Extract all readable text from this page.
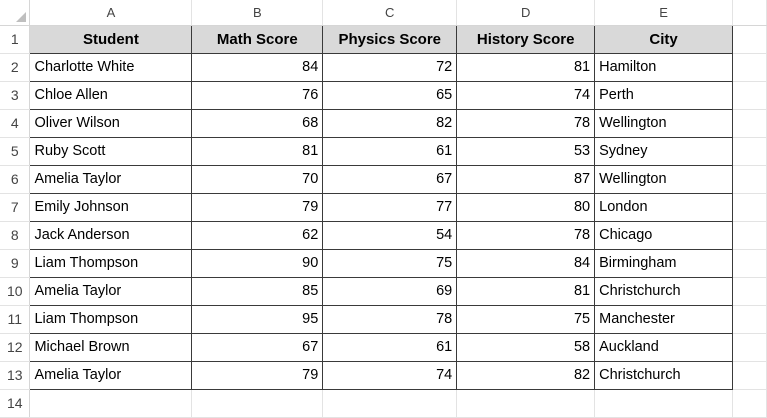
	A	B	C	D	E	
1	Student	Math Score	Physics Score	History Score	City	
2	Charlotte White	84	72	81	Hamilton	
3	Chloe Allen	76	65	74	Perth	
4	Oliver Wilson	68	82	78	Wellington	
5	Ruby Scott	81	61	53	Sydney	
6	Amelia Taylor	70	67	87	Wellington	
7	Emily Johnson	79	77	80	London	
8	Jack Anderson	62	54	78	Chicago	
9	Liam Thompson	90	75	84	Birmingham	
10	Amelia Taylor	85	69	81	Christchurch	
11	Liam Thompson	95	78	75	Manchester	
12	Michael Brown	67	61	58	Auckland	
13	Amelia Taylor	79	74	82	Christchurch	
14						
